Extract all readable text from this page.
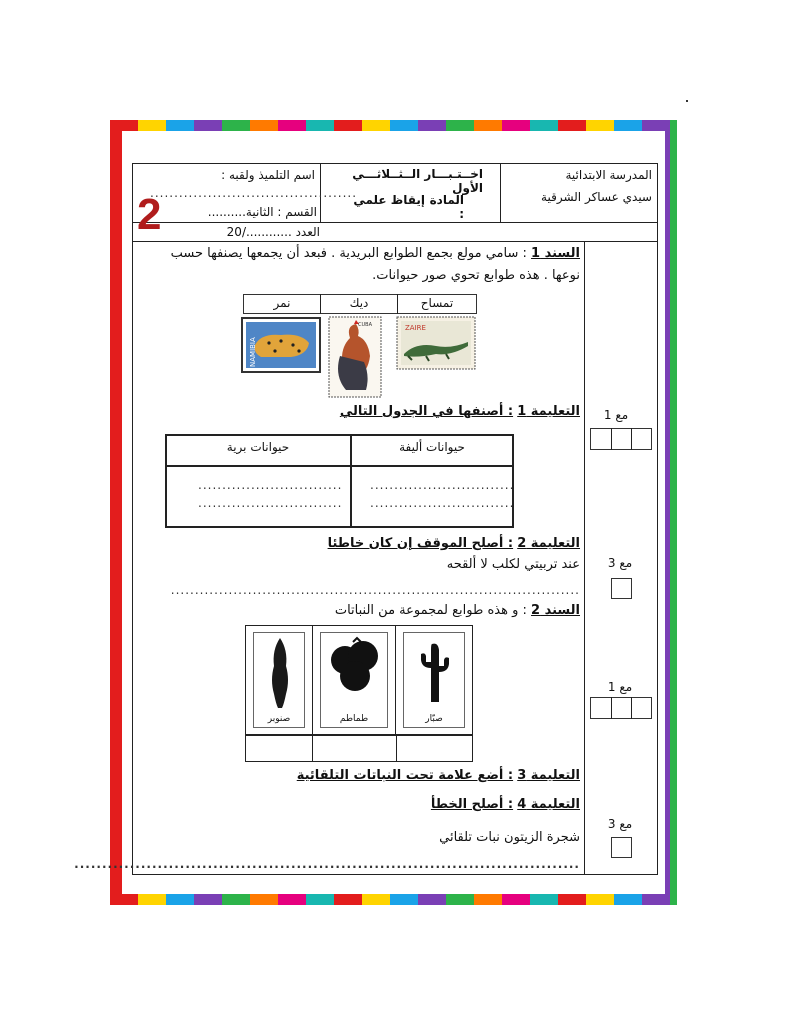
المدرسة الابتدائية
سيدي عساكر الشرقية
اخــتـبـــار الــثــلاثـــي الأول
المادة :
إيقاظ علمي
اسم التلميذ ولقبه :
...........................................
القسم : الثانية..........
2	العدد ............/20
السند 1 : سامي مولع بجمع الطوابع البريدية . فبعد أن يجمعها يصنفها حسب
نوعها . هذه طوابع تحوي صور حيوانات.
تمساح
ديك
نمر
ZAIRE
CUBA
NAMIBIA
التعليمة 1 : أصنفها في الجدول التالي	مع 1
حيوانات أليفة
حيوانات برية
..............................
..............................
..............................
..............................
التعليمة 2 : أصلح الموقف إن كان خاطئا
عند تربيتي لكلب لا ألقحه
.....................................................................................
مع 3
السند 2 : و هذه طوابع لمجموعة من النباتات
صبّار
طماطم
صنوبر
مع 1
التعليمة 3 : أضع علامة تحت النباتات التلقائية
التعليمة 4 : أصلح الخطأ
شجرة الزيتون نبات تلقائي
...........................................................................................
مع 3
